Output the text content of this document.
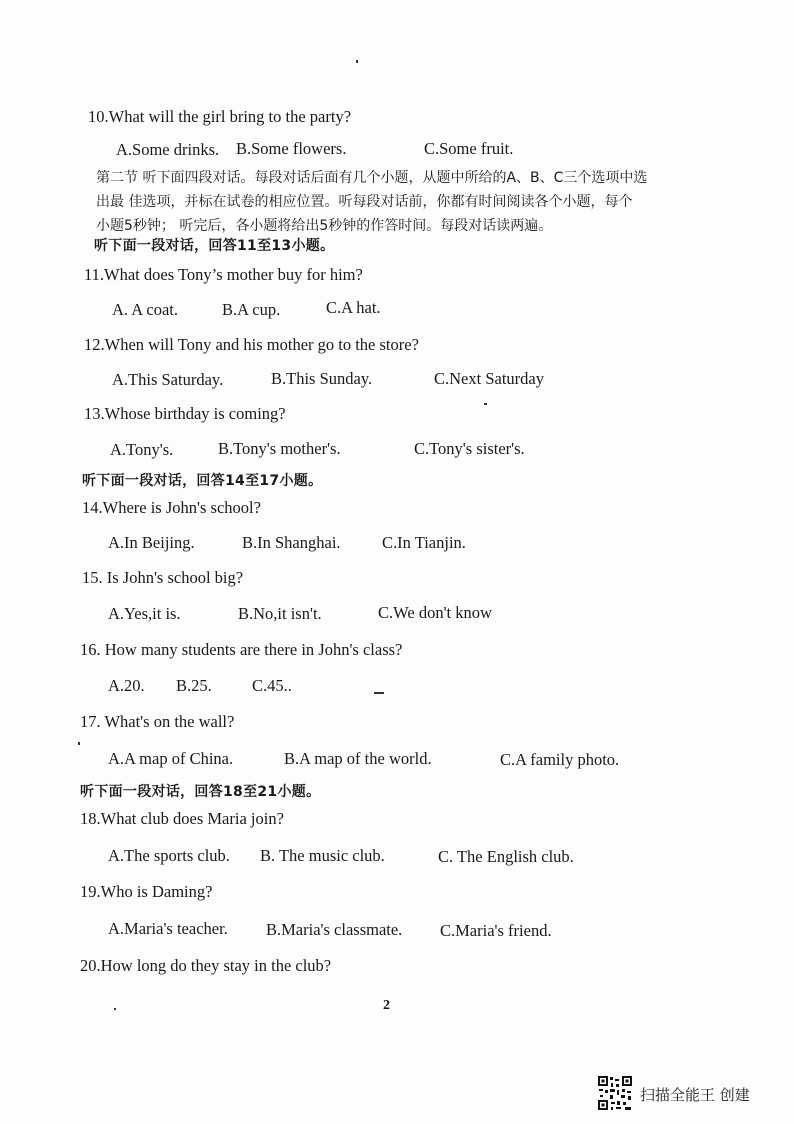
10.What will the girl bring to the party?
A.Some drinks. B.Some flowers.	C.Some fruit.
第二节 听下面四段对话。每段对话后面有几个小题，从题中所给的A、B、C三个选项中选
出最 佳选项，并标在试卷的相应位置。听每段对话前，你都有时间阅读各个小题，每个
小题5秒钟； 听完后，各小题将给出5秒钟的作答时间。每段对话读两遍。
听下面一段对话，回答11至13小题。
11.What does Tony’s mother buy for him?
A. A coat.	B.A cup.	C.A hat.
12.When will Tony and his mother go to the store?
A.This Saturday.	B.This Sunday.	C.Next Saturday
13.Whose birthday is coming?
A.Tony's.	B.Tony's mother's.	C.Tony's sister's.
听下面一段对话，回答14至17小题。
14.Where is John's school?
A.In Beijing.	B.In Shanghai.	C.In Tianjin.
15. Is John's school big?
A.Yes,it is.	B.No,it isn't.	C.We don't know
16. How many students are there in John's class?
A.20. B.25. C.45..
17. What's on the wall?
A.A map of China.	B.A map of the world.	C.A family photo.
听下面一段对话，回答18至21小题。
18.What club does Maria join?
A.The sports club. B. The music club.	C. The English club.
19.Who is Daming?
A.Maria's teacher. B.Maria's classmate. C.Maria's friend.
20.How long do they stay in the club?
2
扫描全能王 创建
